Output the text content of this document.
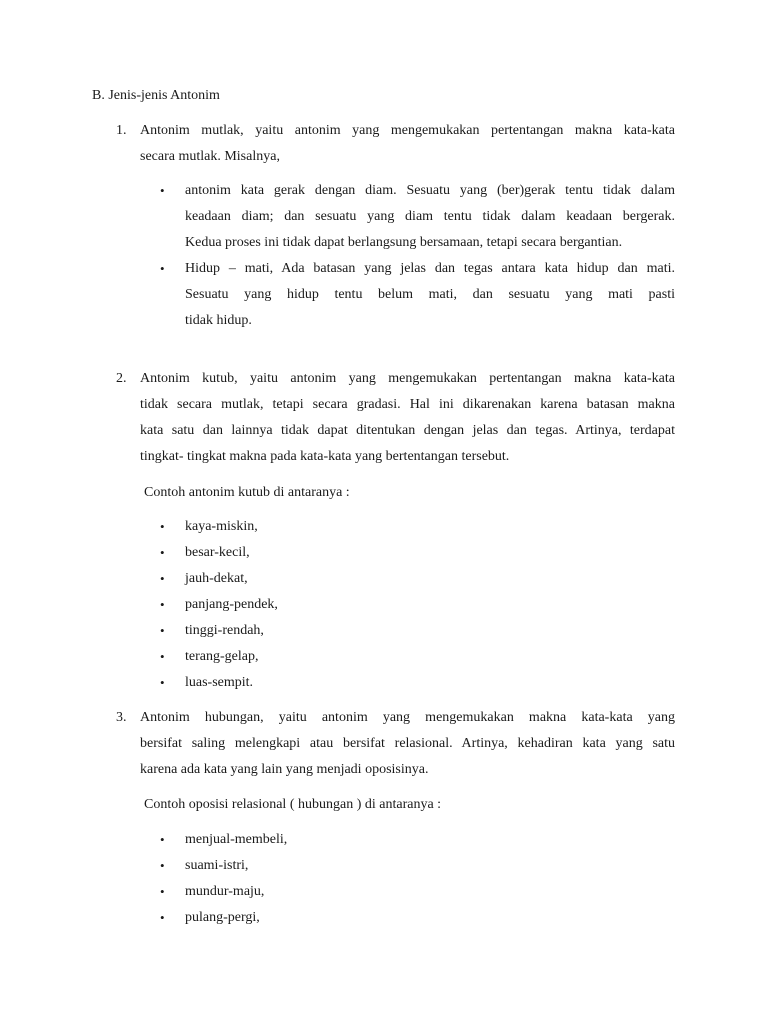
B. Jenis-jenis Antonim
1. Antonim mutlak, yaitu antonim yang mengemukakan pertentangan makna kata-kata
secara mutlak. Misalnya,
•	antonim kata gerak dengan diam. Sesuatu yang (ber)gerak tentu tidak dalam
keadaan diam; dan sesuatu yang diam tentu tidak dalam keadaan bergerak.
Kedua proses ini tidak dapat berlangsung bersamaan, tetapi secara bergantian.
•	Hidup – mati, Ada batasan yang jelas dan tegas antara kata hidup dan mati.
Sesuatu yang hidup tentu belum mati, dan sesuatu yang mati pasti
tidak hidup.
2. Antonim kutub, yaitu antonim yang mengemukakan pertentangan makna kata-kata
tidak secara mutlak, tetapi secara gradasi. Hal ini dikarenakan karena batasan makna
kata satu dan lainnya tidak dapat ditentukan dengan jelas dan tegas. Artinya, terdapat
tingkat- tingkat makna pada kata-kata yang bertentangan tersebut.
Contoh antonim kutub di antaranya :
•	kaya-miskin,
•	besar-kecil,
•	jauh-dekat,
•	panjang-pendek,
•	tinggi-rendah,
•	terang-gelap,
•	luas-sempit.
3. Antonim hubungan, yaitu antonim yang mengemukakan makna kata-kata yang
bersifat saling melengkapi atau bersifat relasional. Artinya, kehadiran kata yang satu
karena ada kata yang lain yang menjadi oposisinya.
Contoh oposisi relasional ( hubungan ) di antaranya :
•	menjual-membeli,
•	suami-istri,
•	mundur-maju,
•	pulang-pergi,
